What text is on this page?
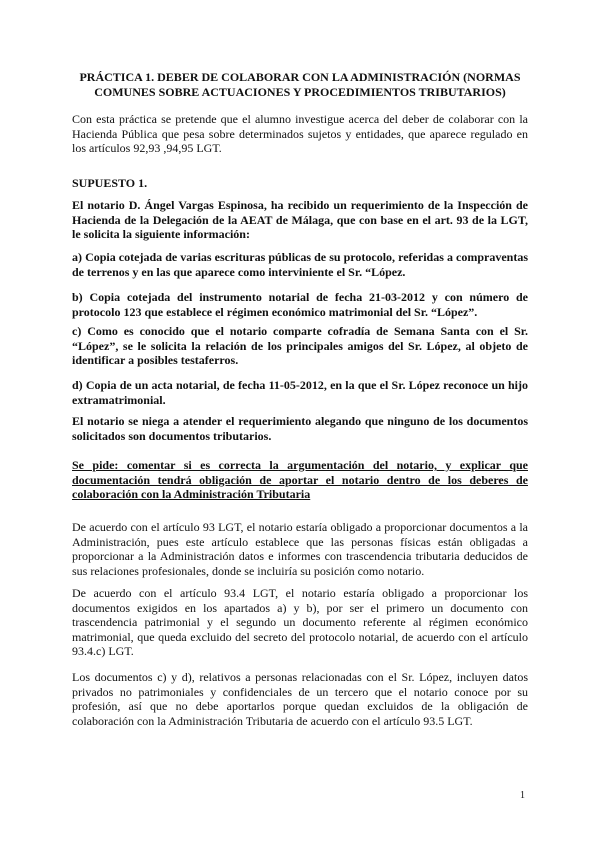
PRÁCTICA 1. DEBER DE COLABORAR CON LA ADMINISTRACIÓN (NORMAS COMUNES SOBRE ACTUACIONES Y PROCEDIMIENTOS TRIBUTARIOS)
Con esta práctica se pretende que el alumno investigue acerca del deber de colaborar con la Hacienda Pública que pesa sobre determinados sujetos y entidades, que aparece regulado en los artículos 92,93 ,94,95 LGT.
SUPUESTO 1.
El notario D. Ángel Vargas Espinosa, ha recibido un requerimiento de la Inspección de Hacienda de la Delegación de la AEAT de Málaga, que con base en el art. 93 de la LGT, le solicita la siguiente información:
a) Copia cotejada de varias escrituras públicas de su protocolo, referidas a compraventas de terrenos y en las que aparece como interviniente el Sr. “López.
b) Copia cotejada del instrumento notarial de fecha 21-03-2012 y con número de protocolo 123 que establece el régimen económico matrimonial del Sr. “López”.
c) Como es conocido que el notario comparte cofradía de Semana Santa con el Sr. “López”, se le solicita la relación de los principales amigos del Sr. López, al objeto de identificar a posibles testaferros.
d) Copia de un acta notarial, de fecha 11-05-2012, en la que el Sr. López reconoce un hijo extramatrimonial.
El notario se niega a atender el requerimiento alegando que ninguno de los documentos solicitados son documentos tributarios.
Se pide: comentar si es correcta la argumentación del notario, y explicar que documentación tendrá obligación de aportar el notario dentro de los deberes de colaboración con la Administración Tributaria
De acuerdo con el artículo 93 LGT, el notario estaría obligado a proporcionar documentos a la Administración, pues este artículo establece que las personas físicas están obligadas a proporcionar a la Administración datos e informes con trascendencia tributaria deducidos de sus relaciones profesionales, donde se incluiría su posición como notario.
De acuerdo con el artículo 93.4 LGT, el notario estaría obligado a proporcionar los documentos exigidos en los apartados a) y b), por ser el primero un documento con trascendencia patrimonial y el segundo un documento referente al régimen económico matrimonial, que queda excluido del secreto del protocolo notarial, de acuerdo con el artículo 93.4.c) LGT.
Los documentos c) y d), relativos a personas relacionadas con el Sr. López, incluyen datos privados no patrimoniales y confidenciales de un tercero que el notario conoce por su profesión, así que no debe aportarlos porque quedan excluidos de la obligación de colaboración con la Administración Tributaria de acuerdo con el artículo 93.5 LGT.
1
